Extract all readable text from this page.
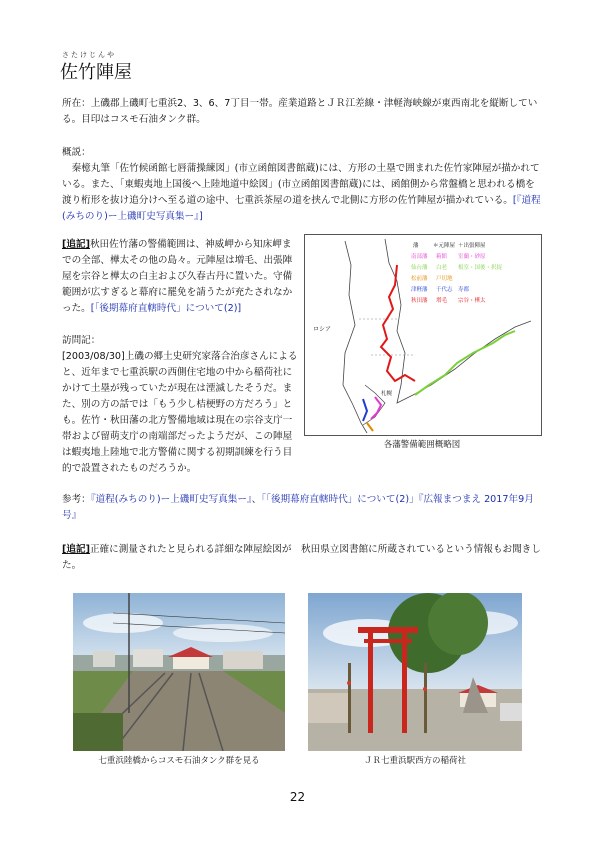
さたけじんや
佐竹陣屋
所在：上磯郡上磯町七重浜2、3、6、7丁目一帯。産業道路とＪＲ江差線・津軽海峡線が東西南北を縦断している。目印はコスモ石油タンク群。
概説：
　秦檍丸筆「佐竹候函館七唇蒲操練図」(市立函館図書館蔵)には、方形の土塁で囲まれた佐竹家陣屋が描かれている。また、「東蝦夷地上国後へ上陸地道中絵図」(市立函館図書館蔵)には、函館側から常盤橋と思われる橋を渡り桁形を抜け追分けへ至る道の途中、七重浜茶屋の道を挟んで北側に方形の佐竹陣屋が描かれている。[『道程(みちのり)ー上磯町史写真集ー』]
[追記]秋田佐竹藩の警備範囲は、神威岬から知床岬までの全部、樺太その他の島々。元陣屋は増毛、出張陣屋を宗谷と樺太の白主および久春古丹に置いた。守備範囲が広すぎると幕府に罷免を請うたが充たされなかった。[「後期幕府直轄時代」について(2)]
訪問記：
[2003/08/30]上磯の郷土史研究家落合治彦さんによると、近年まで七重浜駅の西側住宅地の中から稲荷社にかけて土塁が残っていたが現在は湮滅したそうだ。また、別の方の話では「もう少し桔梗野の方だろう」とも。佐竹・秋田藩の北方警備地域は現在の宗谷支庁一帯および留萌支庁の南端部だったようだが、この陣屋は蝦夷地上陸地で北方警備に関する初期訓練を行う目的で設置されたものだろうか。
ロシア
札幌
藩	＊元陣屋 ＋出張陣屋
南部藩 箱館 室蘭・砂原
仙台藩 白老 根室・国後・択捉
松前藩 戸切地
津軽藩 千代志 寿都
秋田藩 増毛 宗谷・樺太
各藩警備範囲概略図
参考：『道程(みちのり)ー上磯町史写真集ー』、「「後期幕府直轄時代」について(2)」『広報まつまえ 2017年9月号』
[追記]正確に測量されたと見られる詳細な陣屋絵図が　秋田県立図書館に所蔵されているという情報もお聞きした。
七重浜陸橋からコスモ石油タンク群を見る	ＪＲ七重浜駅西方の稲荷社
22
